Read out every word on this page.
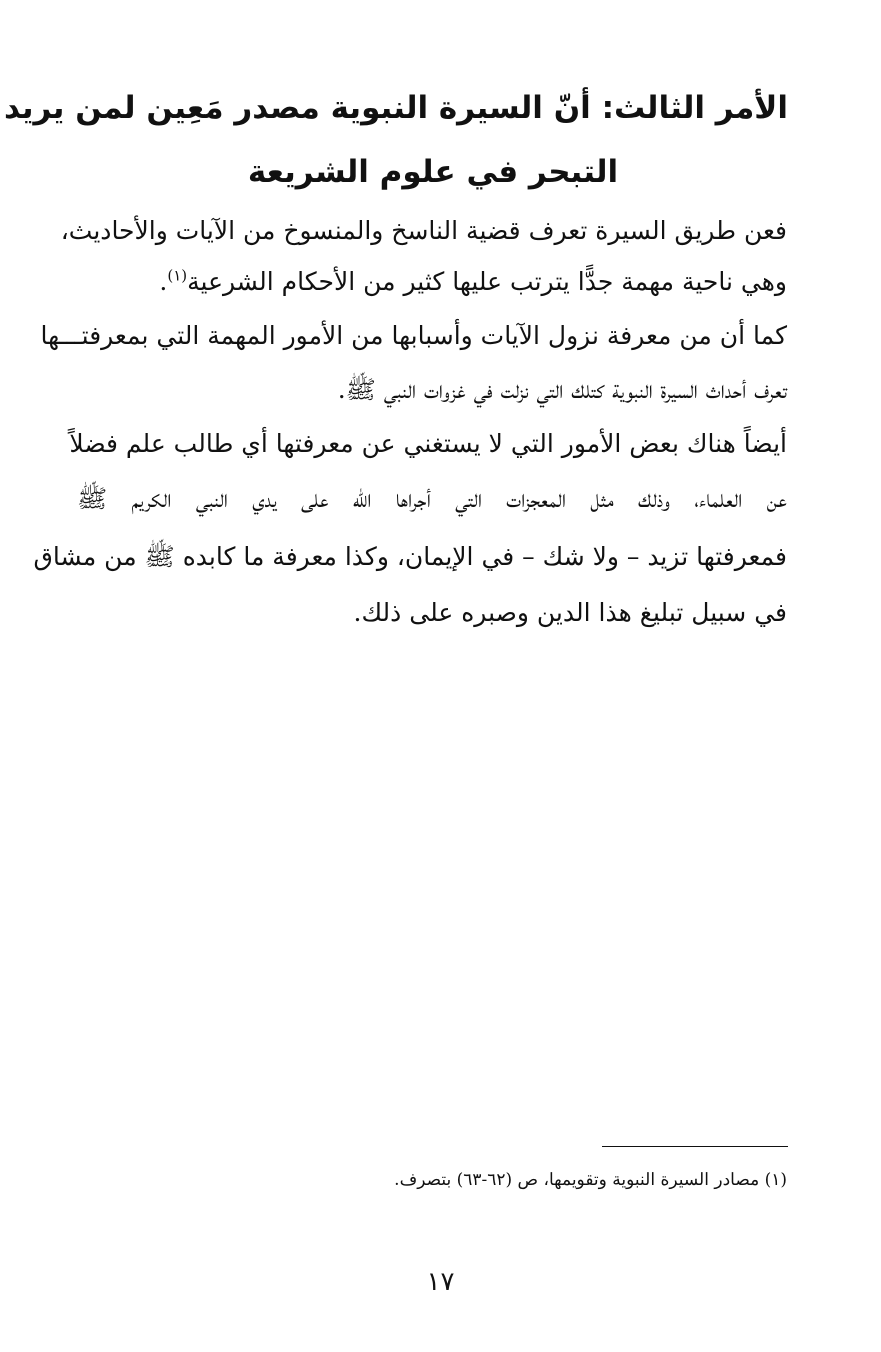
الأمر الثالث: أنّ السيرة النبوية مصدر مَعِين لمن يريد
التبحر في علوم الشريعة
فعن طريق السيرة تعرف قضية الناسخ والمنسوخ من الآيات والأحاديث،
وهي ناحية مهمة جدًّا يترتب عليها كثير من الأحكام الشرعية$^{(١)}$.
كما أن من معرفة نزول الآيات وأسبابها من الأمور المهمة التي بمعرفتـــها
تعرف أحداث السيرة النبوية كتلك التي نزلت في غزوات النبي ﷺ.
أيضاً هناك بعض الأمور التي لا يستغني عن معرفتها أي طالب علم فضلاً
عن العلماء، وذلك مثل المعجزات التي أجراها الله على يدي النبي الكريم ﷺ
فمعرفتها تزيد – ولا شك – في الإيمان، وكذا معرفة ما كابده ﷺ من مشاق
في سبيل تبليغ هذا الدين وصبره على ذلك.
(١) مصادر السيرة النبوية وتقويمها، ص (٦٢-٦٣) بتصرف.
١٧
